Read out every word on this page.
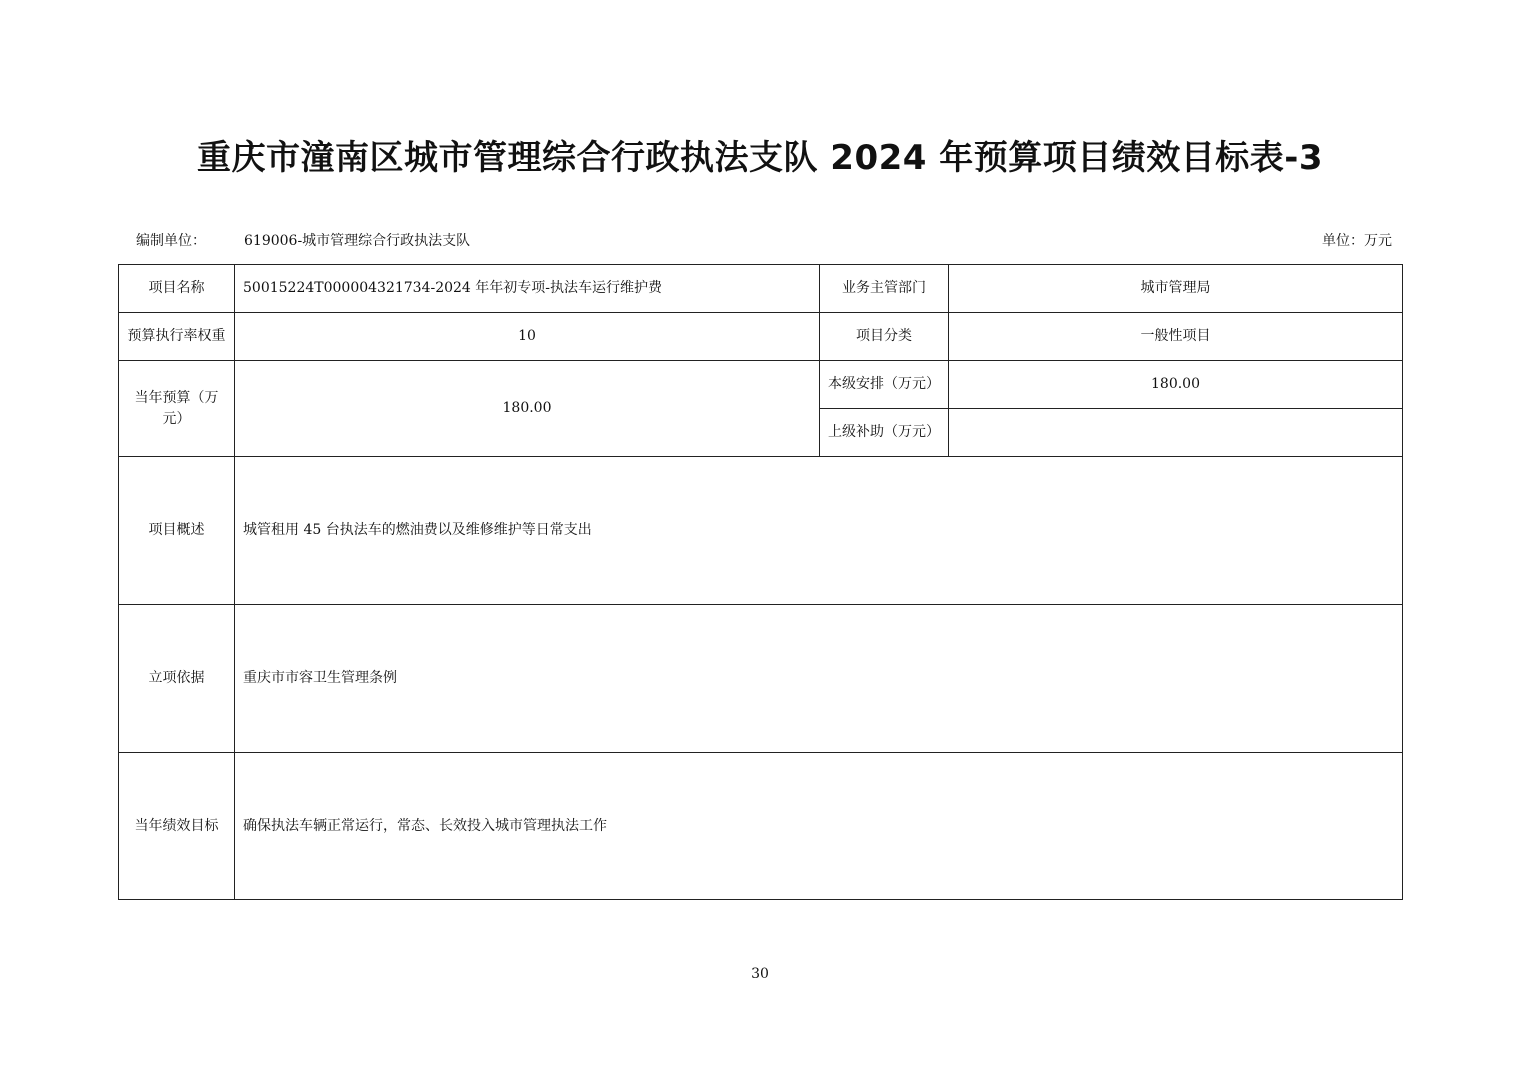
重庆市潼南区城市管理综合行政执法支队 2024 年预算项目绩效目标表-3
编制单位：	619006-城市管理综合行政执法支队	单位：万元
项目名称	50015224T000004321734-2024 年年初专项-执法车运行维护费	业务主管部门	城市管理局
预算执行率权重	10	项目分类	一般性项目
当年预算（万元）	180.00	本级安排（万元）	180.00
		上级补助（万元）	
项目概述	城管租用 45 台执法车的燃油费以及维修维护等日常支出		
立项依据	重庆市市容卫生管理条例		
当年绩效目标	确保执法车辆正常运行，常态、长效投入城市管理执法工作		
30
